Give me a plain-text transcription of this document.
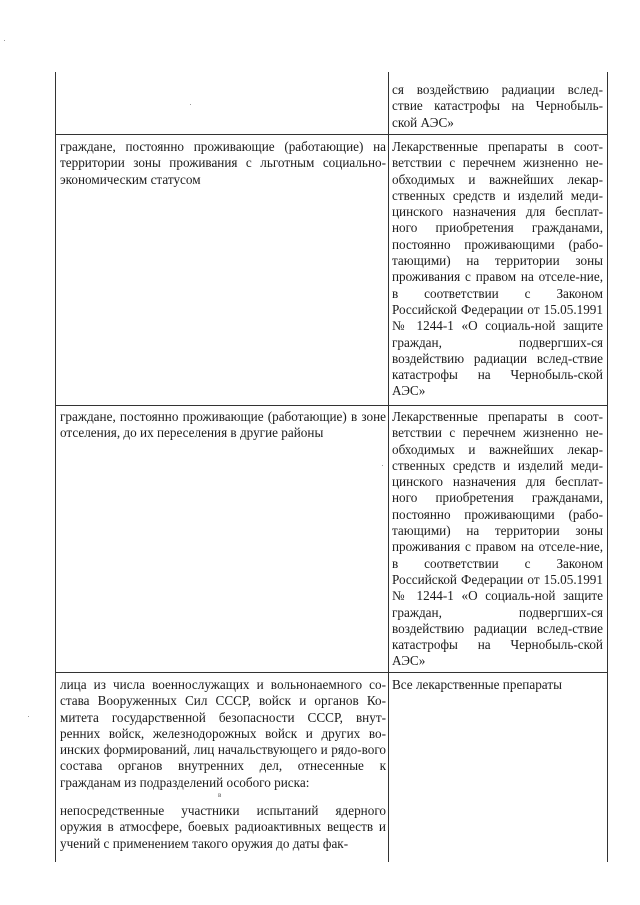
ся воздействию радиации вслед-ствие катастрофы на Чернобыль-ской АЭС»
граждане, постоянно проживающие (работающие) на территории зоны проживания с льготным социально-экономическим статусом
Лекарственные препараты в соот-ветствии с перечнем жизненно не-обходимых и важнейших лекар-ственных средств и изделий меди-цинского назначения для бесплат-ного приобретения гражданами, постоянно проживающими (рабо-тающими) на территории зоны проживания с правом на отселе-ние, в соответствии с Законом Российской Федерации от 15.05.1991 № 1244-1 «О социаль-ной защите граждан, подвергших-ся воздействию радиации вслед-ствие катастрофы на Чернобыль-ской АЭС»
граждане, постоянно проживающие (работающие) в зоне отселения, до их переселения в другие районы
Лекарственные препараты в соот-ветствии с перечнем жизненно не-обходимых и важнейших лекар-ственных средств и изделий меди-цинского назначения для бесплат-ного приобретения гражданами, постоянно проживающими (рабо-тающими) на территории зоны проживания с правом на отселе-ние, в соответствии с Законом Российской Федерации от 15.05.1991 № 1244-1 «О социаль-ной защите граждан, подвергших-ся воздействию радиации вслед-ствие катастрофы на Чернобыль-ской АЭС»
лица из числа военнослужащих и вольнонаемного со-става Вооруженных Сил СССР, войск и органов Ко-митета государственной безопасности СССР, внут-ренних войск, железнодорожных войск и других во-инских формирований, лиц начальствующего и рядо-вого состава органов внутренних дел, отнесенные к гражданам из подразделений особого риска:
в
непосредственные участники испытаний ядерного оружия в атмосфере, боевых радиоактивных веществ и учений с применением такого оружия до даты фак-
Все лекарственные препараты
